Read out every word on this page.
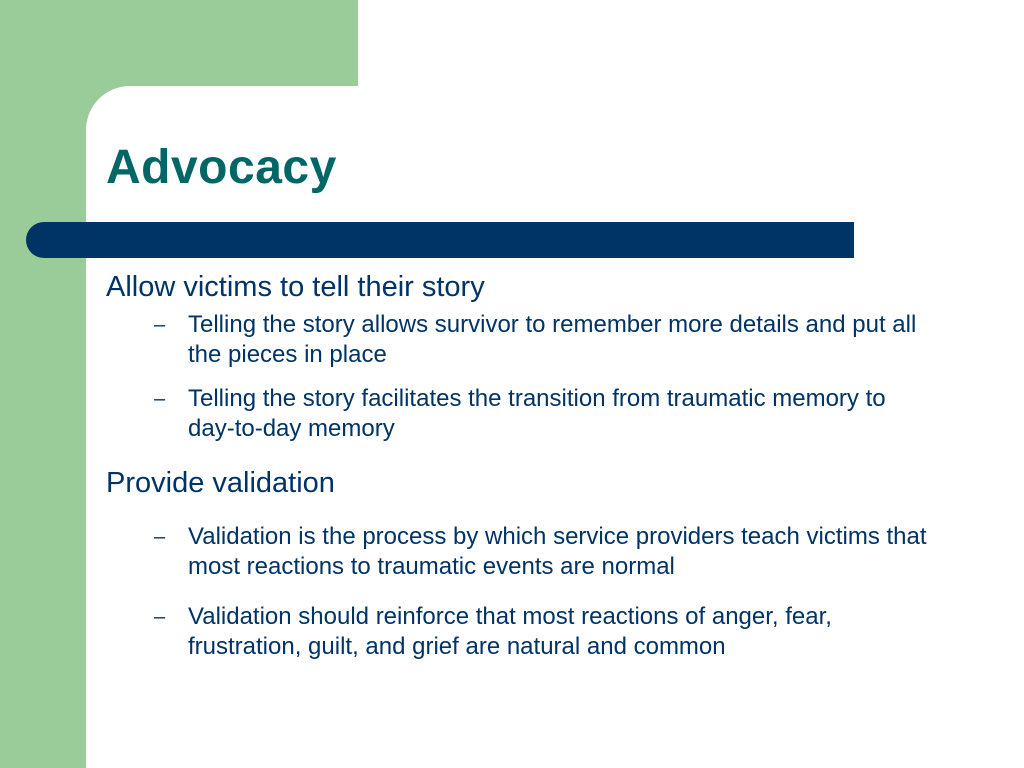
Advocacy

Allow victims to tell their story

– Telling the story allows survivor to remember more details and put all the pieces in place
– Telling the story facilitates the transition from traumatic memory to day-to-day memory

Provide validation

– Validation is the process by which service providers teach victims that most reactions to traumatic events are normal
– Validation should reinforce that most reactions of anger, fear, frustration, guilt, and grief are natural and common
